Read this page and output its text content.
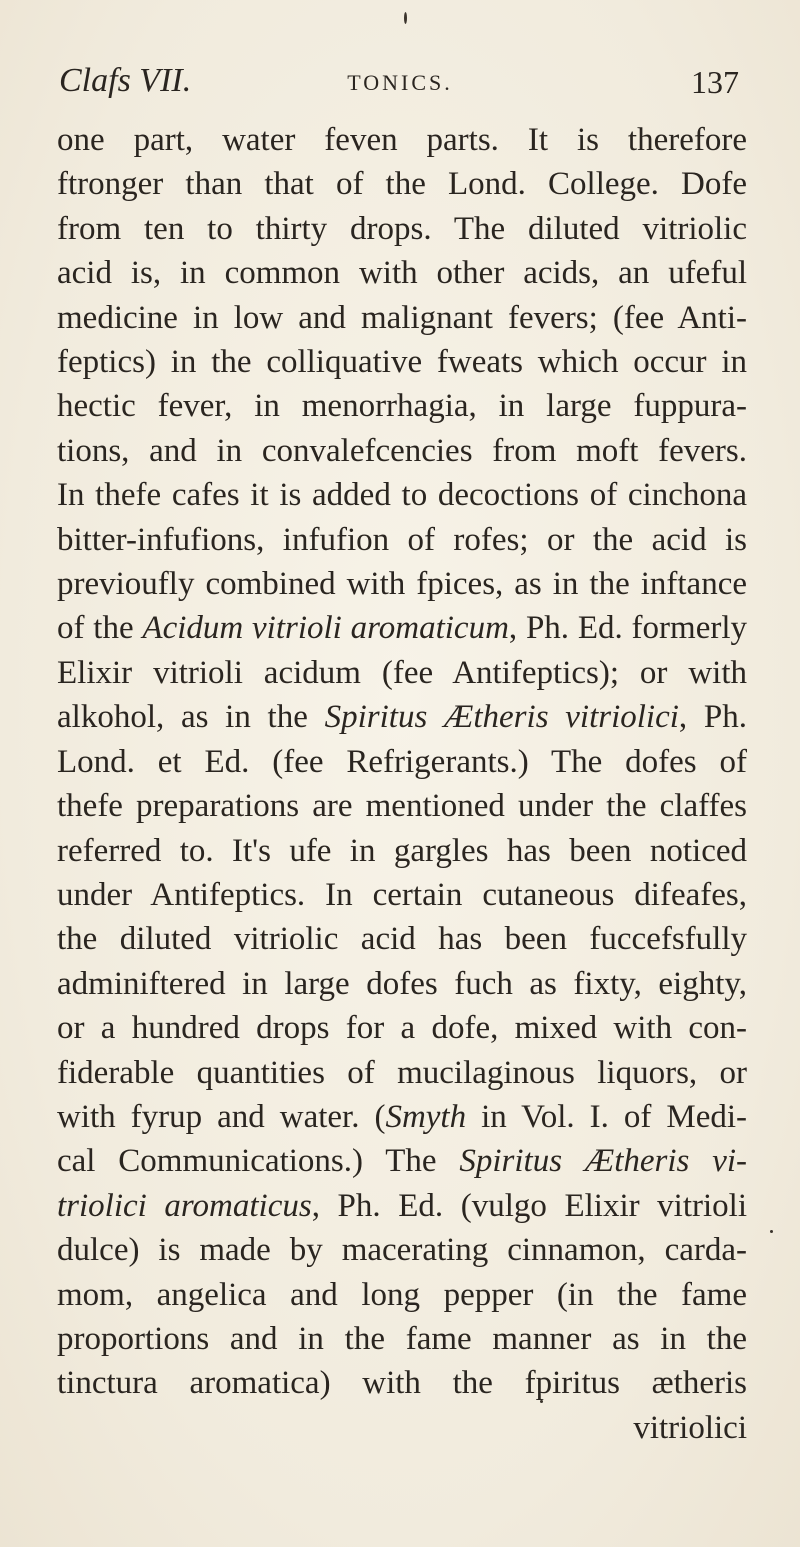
Clafs VII.	TONICS.	137
one part, water feven parts. It is therefore
ftronger than that of the Lond. College. Dofe
from ten to thirty drops. The diluted vitriolic
acid is, in common with other acids, an ufeful
medicine in low and malignant fevers; (fee Anti-
feptics) in the colliquative fweats which occur in
hectic fever, in menorrhagia, in large fuppura-
tions, and in convalefcencies from moft fevers.
In thefe cafes it is added to decoctions of cinchona
bitter-infufions, infufion of rofes; or the acid is
previoufly combined with fpices, as in the inftance
of the Acidum vitrioli aromaticum, Ph. Ed. formerly
Elixir vitrioli acidum (fee Antifeptics); or with
alkohol, as in the Spiritus Ætheris vitriolici, Ph.
Lond. et Ed. (fee Refrigerants.) The dofes of
thefe preparations are mentioned under the claffes
referred to. It's ufe in gargles has been noticed
under Antifeptics. In certain cutaneous difeafes,
the diluted vitriolic acid has been fuccefsfully
adminiftered in large dofes fuch as fixty, eighty,
or a hundred drops for a dofe, mixed with con-
fiderable quantities of mucilaginous liquors, or
with fyrup and water. (Smyth in Vol. I. of Medi-
cal Communications.) The Spiritus Ætheris vi-
triolici aromaticus, Ph. Ed. (vulgo Elixir vitrioli
dulce) is made by macerating cinnamon, carda-
mom, angelica and long pepper (in the fame
proportions and in the fame manner as in the
tinctura aromatica) with the fpiritus ætheris
vitriolici
